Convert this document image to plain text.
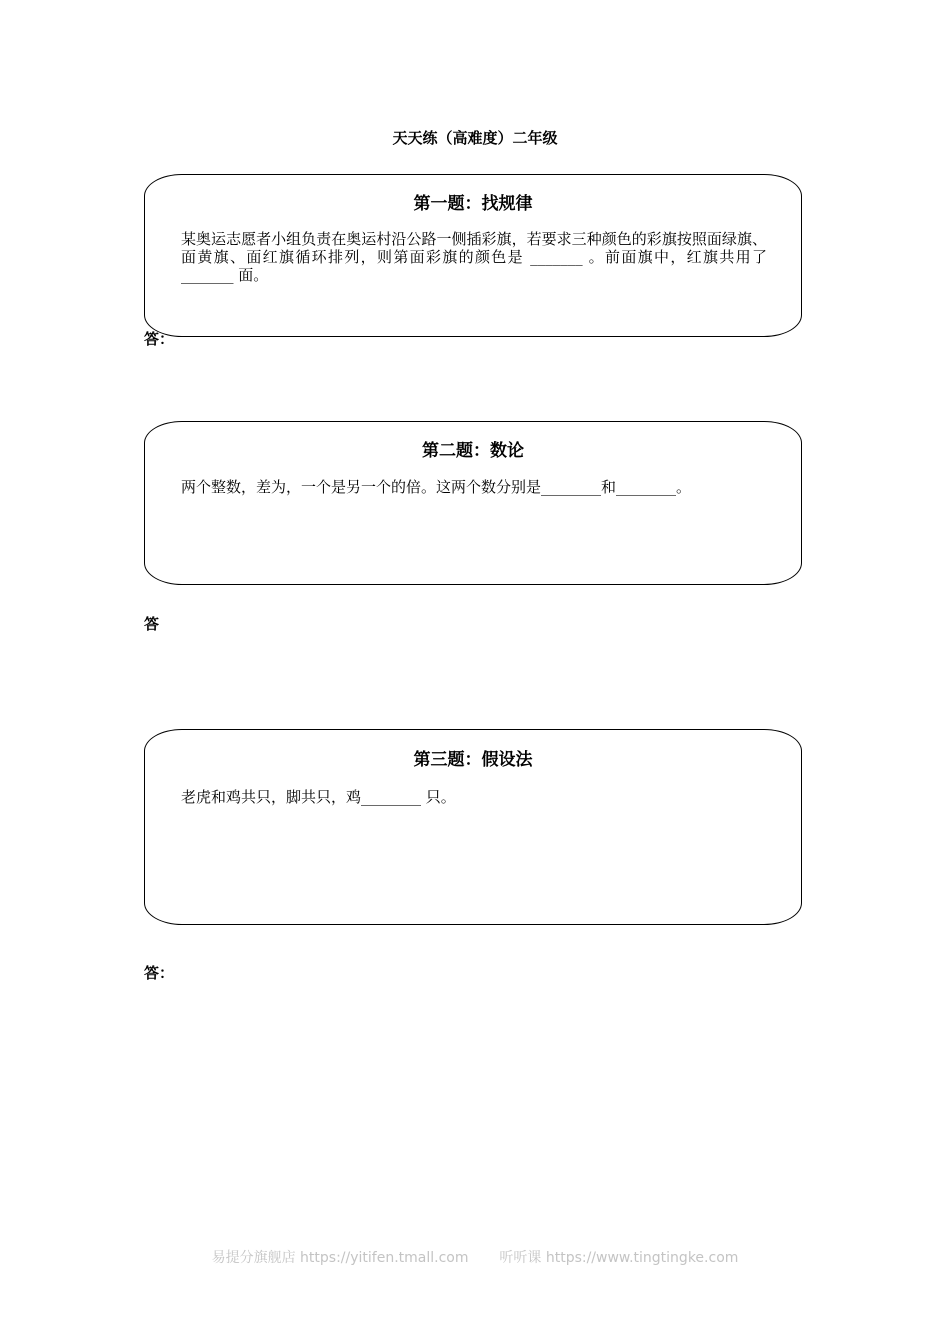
天天练（高难度）二年级
第一题：找规律
某奥运志愿者小组负责在奥运村沿公路一侧插彩旗，若要求三种颜色的彩旗按照面绿旗、面黄旗、面红旗循环排列，则第面彩旗的颜色是 _______ 。前面旗中，红旗共用了 _______ 面。
答：
第二题：数论
两个整数，差为，一个是另一个的倍。这两个数分别是________和________。
答
第三题：假设法
老虎和鸡共只，脚共只，鸡________ 只。
答：
易提分旗舰店 https://yitifen.tmall.com 听听课 https://www.tingtingke.com
